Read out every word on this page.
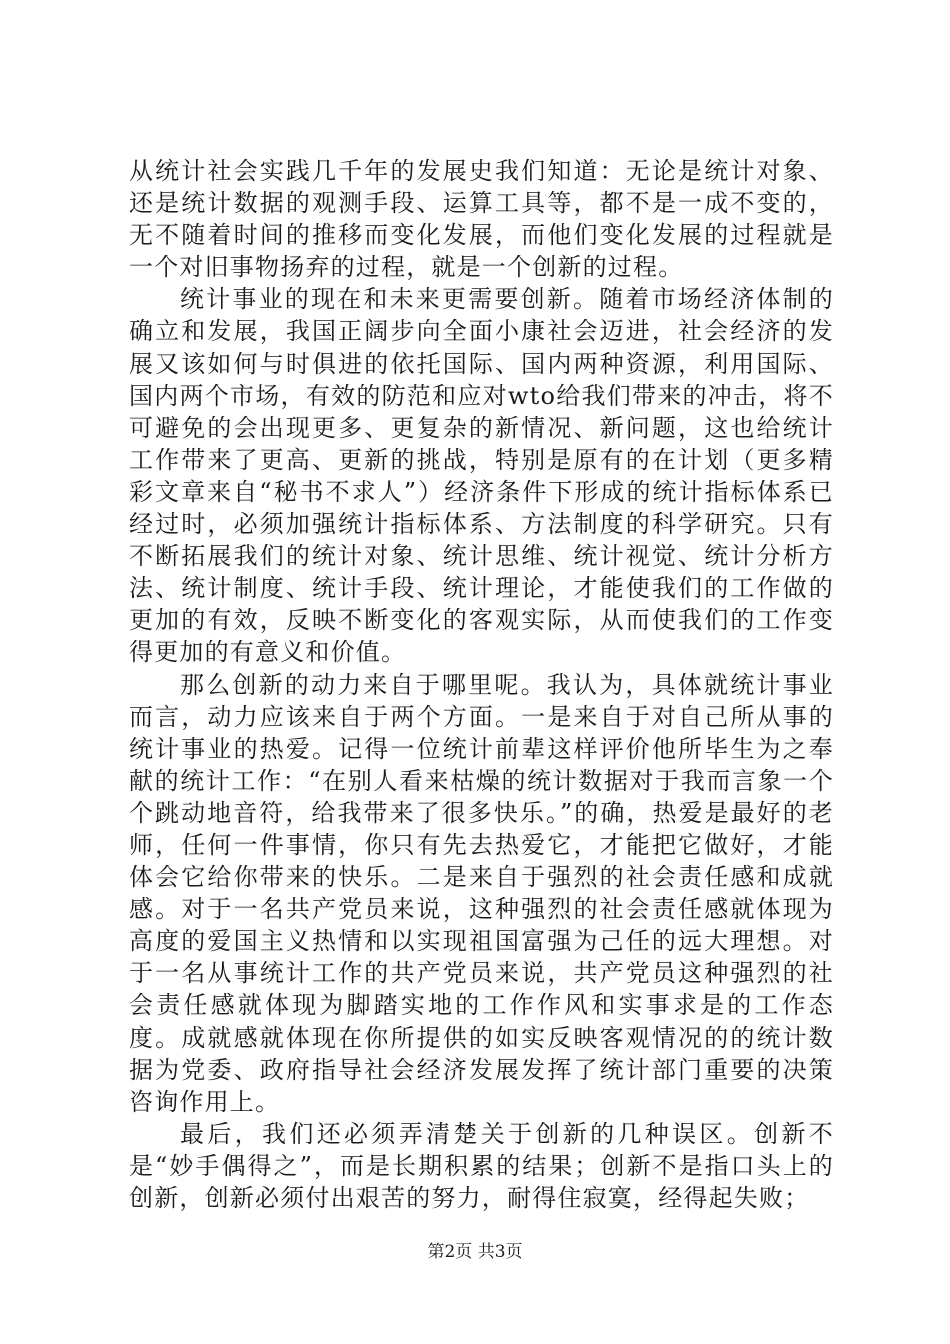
从统计社会实践几千年的发展史我们知道：无论是统计对象、还是统计数据的观测手段、运算工具等，都不是一成不变的，无不随着时间的推移而变化发展，而他们变化发展的过程就是一个对旧事物扬弃的过程，就是一个创新的过程。

统计事业的现在和未来更需要创新。随着市场经济体制的确立和发展，我国正阔步向全面小康社会迈进，社会经济的发展又该如何与时俱进的依托国际、国内两种资源，利用国际、国内两个市场，有效的防范和应对wto给我们带来的冲击，将不可避免的会出现更多、更复杂的新情况、新问题，这也给统计工作带来了更高、更新的挑战，特别是原有的在计划（更多精彩文章来自“秘书不求人”）经济条件下形成的统计指标体系已经过时，必须加强统计指标体系、方法制度的科学研究。只有不断拓展我们的统计对象、统计思维、统计视觉、统计分析方法、统计制度、统计手段、统计理论，才能使我们的工作做的更加的有效，反映不断变化的客观实际，从而使我们的工作变得更加的有意义和价值。

那么创新的动力来自于哪里呢。我认为，具体就统计事业而言，动力应该来自于两个方面。一是来自于对自己所从事的统计事业的热爱。记得一位统计前辈这样评价他所毕生为之奉献的统计工作：“在别人看来枯燥的统计数据对于我而言象一个个跳动地音符，给我带来了很多快乐。”的确，热爱是最好的老师，任何一件事情，你只有先去热爱它，才能把它做好，才能体会它给你带来的快乐。二是来自于强烈的社会责任感和成就感。对于一名共产党员来说，这种强烈的社会责任感就体现为高度的爱国主义热情和以实现祖国富强为己任的远大理想。对于一名从事统计工作的共产党员来说，共产党员这种强烈的社会责任感就体现为脚踏实地的工作作风和实事求是的工作态度。成就感就体现在你所提供的如实反映客观情况的的统计数据为党委、政府指导社会经济发展发挥了统计部门重要的决策咨询作用上。

最后，我们还必须弄清楚关于创新的几种误区。创新不是“妙手偶得之”，而是长期积累的结果；创新不是指口头上的创新，创新必须付出艰苦的努力，耐得住寂寞，经得起失败；

第2页 共3页
